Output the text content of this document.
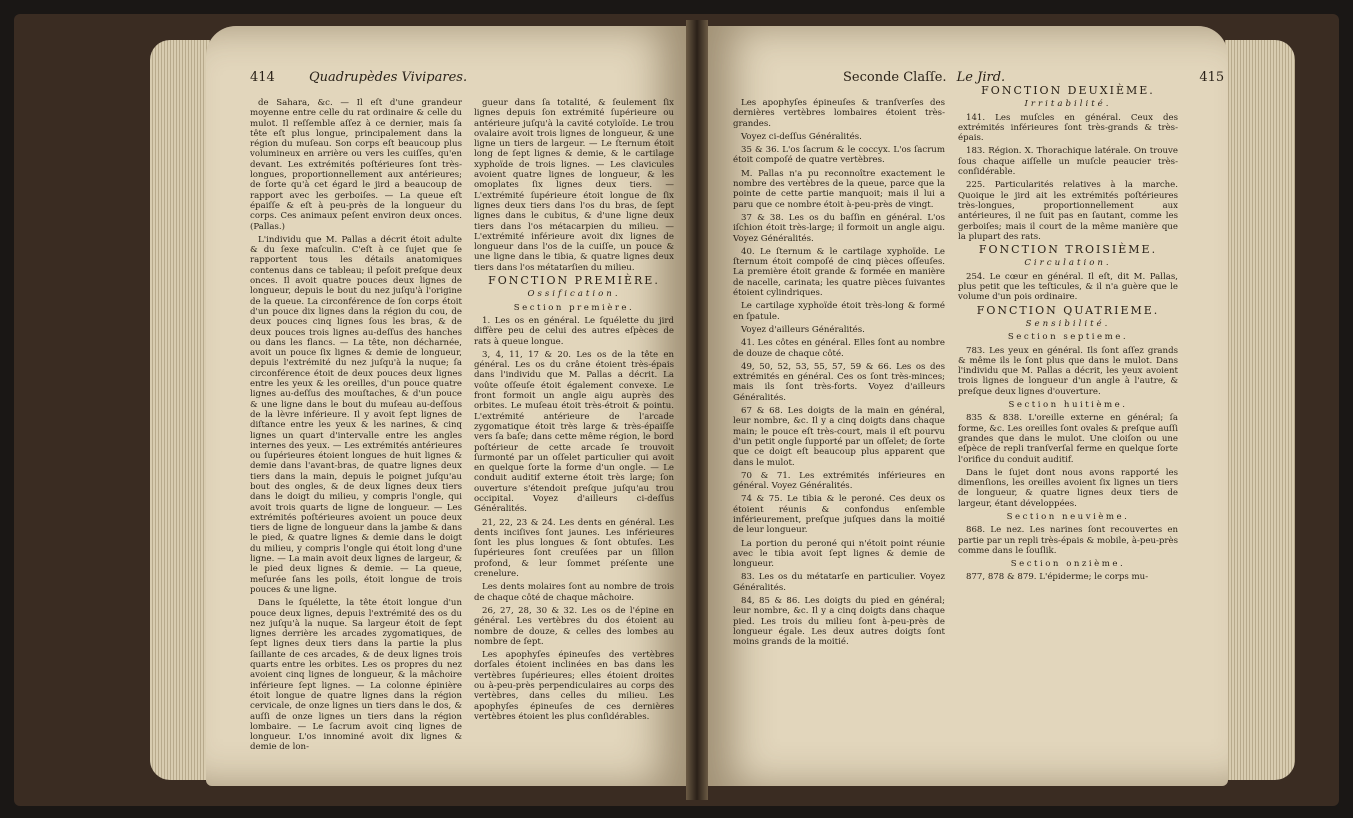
414	Quadrupèdes Vivipares.

de Sahara, &c. — Il eſt d'une grandeur moyenne entre celle du rat ordinaire & celle du mulot. Il reſſemble aſſez à ce dernier, mais ſa tête eſt plus longue, principalement dans la région du muſeau. Son corps eſt beaucoup plus volumineux en arrière ou vers les cuiſſes, qu'en devant. Les extrémités poſtérieures ſont très-longues, proportionnellement aux antérieures; de ſorte qu'à cet égard le jird a beaucoup de rapport avec les gerboiſes. — La queue eſt épaiſſe & eſt à peu-près de la longueur du corps. Ces animaux peſent environ deux onces. (Pallas.)

L'individu que M. Pallas a décrit étoit adulte & du ſexe maſculin. C'eſt à ce ſujet que ſe rapportent tous les détails anatomiques contenus dans ce tableau; il peſoit preſque deux onces. Il avoit quatre pouces deux lignes de longueur, depuis le bout du nez juſqu'à l'origine de la queue. La circonférence de ſon corps étoit d'un pouce dix lignes dans la région du cou, de deux pouces cinq lignes ſous les bras, & de deux pouces trois lignes au-deſſus des hanches ou dans les flancs. — La tête, non décharnée, avoit un pouce ſix lignes & demie de longueur, depuis l'extrémité du nez juſqu'à la nuque; ſa circonférence étoit de deux pouces deux lignes entre les yeux & les oreilles, d'un pouce quatre lignes au-deſſus des mouſtaches, & d'un pouce & une ligne dans le bout du muſeau au-deſſous de la lèvre inférieure. Il y avoit ſept lignes de diſtance entre les yeux & les narines, & cinq lignes un quart d'intervalle entre les angles internes des yeux. — Les extrémités antérieures ou ſupérieures étoient longues de huit lignes & demie dans l'avant-bras, de quatre lignes deux tiers dans la main, depuis le poignet juſqu'au bout des ongles, & de deux lignes deux tiers dans le doigt du milieu, y compris l'ongle, qui avoit trois quarts de ligne de longueur. — Les extrémités poſtérieures avoient un pouce deux tiers de ligne de longueur dans la jambe & dans le pied, & quatre lignes & demie dans le doigt du milieu, y compris l'ongle qui étoit long d'une ligne. — La main avoit deux lignes de largeur, & le pied deux lignes & demie. — La queue, meſurée ſans les poils, étoit longue de trois pouces & une ligne.

Dans le ſquélette, la tête étoit longue d'un pouce deux lignes, depuis l'extrémité des os du nez juſqu'à la nuque. Sa largeur étoit de ſept lignes derrière les arcades zygomatiques, de ſept lignes deux tiers dans la partie la plus ſaillante de ces arcades, & de deux lignes trois quarts entre les orbites. Les os propres du nez avoient cinq lignes de longueur, & la mâchoire inférieure ſept lignes. — La colonne épinière étoit longue de quatre lignes dans la région cervicale, de onze lignes un tiers dans le dos, & auſſi de onze lignes un tiers dans la région lombaire. — Le ſacrum avoit cinq lignes de longueur. L'os innominé avoit dix lignes & demie de lon-

gueur dans ſa totalité, & ſeulement ſix lignes depuis ſon extrémité ſupérieure ou antérieure juſqu'à la cavité cotyloïde. Le trou ovalaire avoit trois lignes de longueur, & une ligne un tiers de largeur. — Le ſternum étoit long de ſept lignes & demie, & le cartilage xyphoïde de trois lignes. — Les clavicules avoient quatre lignes de longueur, & les omoplates ſix lignes deux tiers. — L'extrémité ſupérieure étoit longue de ſix lignes deux tiers dans l'os du bras, de ſept lignes dans le cubitus, & d'une ligne deux tiers dans l'os métacarpien du milieu. — L'extrémité inférieure avoit dix lignes de longueur dans l'os de la cuiſſe, un pouce & une ligne dans le tibia, & quatre lignes deux tiers dans l'os métatarſien du milieu.

FONCTION PREMIÈRE.

Ossification.

Section première.

1. Les os en général. Le ſquélette du jird diffère peu de celui des autres eſpèces de rats à queue longue.

3, 4, 11, 17 & 20. Les os de la tête en général. Les os du crâne étoient très-épais dans l'individu que M. Pallas a décrit. La voûte oſſeuſe étoit également convexe. Le front formoit un angle aigu auprès des orbites. Le muſeau étoit très-étroit & pointu. L'extrémité antérieure de l'arcade zygomatique étoit très large & très-épaiſſe vers ſa baſe; dans cette même région, le bord poſtérieur de cette arcade ſe trouvoit ſurmonté par un oſſelet particulier qui avoit en quelque ſorte la forme d'un ongle. — Le conduit auditif externe étoit très large; ſon ouverture s'étendoit preſque juſqu'au trou occipital. Voyez d'ailleurs ci-deſſus Généralités.

21, 22, 23 & 24. Les dents en général. Les dents inciſives ſont jaunes. Les inférieures ſont les plus longues & ſont obtuſes. Les ſupérieures ſont creuſées par un ſillon profond, & leur ſommet préſente une crenelure.

Les dents molaires ſont au nombre de trois de chaque côté de chaque mâchoire.

26, 27, 28, 30 & 32. Les os de l'épine en général. Les vertèbres du dos étoient au nombre de douze, & celles des lombes au nombre de ſept.

Les apophyſes épineuſes des vertèbres dorſales étoient inclinées en bas dans les vertèbres ſupérieures; elles étoient droites ou à-peu-près perpendiculaires au corps des vertèbres, dans celles du milieu. Les apophyſes épineuſes de ces dernières vertèbres étoient les plus conſidérables.

Seconde Claſſe. Le Jird.	415

Les apophyſes épineuſes & tranſverſes des dernières vertèbres lombaires étoient très-grandes.

Voyez ci-deſſus Généralités.

35 & 36. L'os ſacrum & le coccyx. L'os ſacrum étoit compoſé de quatre vertèbres.

M. Pallas n'a pu reconnoître exactement le nombre des vertèbres de la queue, parce que la pointe de cette partie manquoit; mais il lui a paru que ce nombre étoit à-peu-près de vingt.

37 & 38. Les os du baſſin en général. L'os iſchion étoit très-large; il formoit un angle aigu. Voyez Généralités.

40. Le ſternum & le cartilage xyphoïde. Le ſternum étoit compoſé de cinq pièces oſſeuſes. La première étoit grande & formée en manière de nacelle, carinata; les quatre pièces ſuivantes étoient cylindriques.

Le cartilage xyphoïde étoit très-long & formé en ſpatule.

Voyez d'ailleurs Généralités.

41. Les côtes en général. Elles ſont au nombre de douze de chaque côté.

49, 50, 52, 53, 55, 57, 59 & 66. Les os des extrémités en général. Ces os ſont très-minces; mais ils ſont très-forts. Voyez d'ailleurs Généralités.

67 & 68. Les doigts de la main en général, leur nombre, &c. Il y a cinq doigts dans chaque main; le pouce eſt très-court, mais il eſt pourvu d'un petit ongle ſupporté par un oſſelet; de ſorte que ce doigt eſt beaucoup plus apparent que dans le mulot.

70 & 71. Les extrémités inférieures en général. Voyez Généralités.

74 & 75. Le tibia & le peroné. Ces deux os étoient réunis & confondus enſemble inférieurement, preſque juſques dans la moitié de leur longueur.

La portion du peroné qui n'étoit point réunie avec le tibia avoit ſept lignes & demie de longueur.

83. Les os du métatarſe en particulier. Voyez Généralités.

84, 85 & 86. Les doigts du pied en général; leur nombre, &c. Il y a cinq doigts dans chaque pied. Les trois du milieu ſont à-peu-près de longueur égale. Les deux autres doigts ſont moins grands de la moitié.

FONCTION DEUXIÈME.

Irritabilité.

141. Les muſcles en général. Ceux des extrémités inférieures ſont très-grands & très-épais.

183. Région. X. Thorachique latérale. On trouve ſous chaque aiſſelle un muſcle peaucier très-conſidérable.

225. Particularités relatives à la marche. Quoique le jird ait les extrémités poſtérieures très-longues, proportionnellement aux antérieures, il ne ſuit pas en ſautant, comme les gerboiſes; mais il court de la même manière que la plupart des rats.

FONCTION TROISIÈME.

Circulation.

254. Le cœur en général. Il eſt, dit M. Pallas, plus petit que les teſticules, & il n'a guère que le volume d'un pois ordinaire.

FONCTION QUATRIEME.

Sensibilité.

Section septieme.

783. Les yeux en général. Ils ſont aſſez grands & même ils le ſont plus que dans le mulot. Dans l'individu que M. Pallas a décrit, les yeux avoient trois lignes de longueur d'un angle à l'autre, & preſque deux lignes d'ouverture.

Section huitième.

835 & 838. L'oreille externe en général; ſa forme, &c. Les oreilles ſont ovales & preſque auſſi grandes que dans le mulot. Une cloiſon ou une eſpèce de repli tranſverſal ferme en quelque ſorte l'orifice du conduit auditif.

Dans le ſujet dont nous avons rapporté les dimenſions, les oreilles avoient ſix lignes un tiers de longueur, & quatre lignes deux tiers de largeur, étant développées.

Section neuvième.

868. Le nez. Les narines ſont recouvertes en partie par un repli très-épais & mobile, à-peu-près comme dans le ſouſlik.

Section onzième.

877, 878 & 879. L'épiderme; le corps mu-
